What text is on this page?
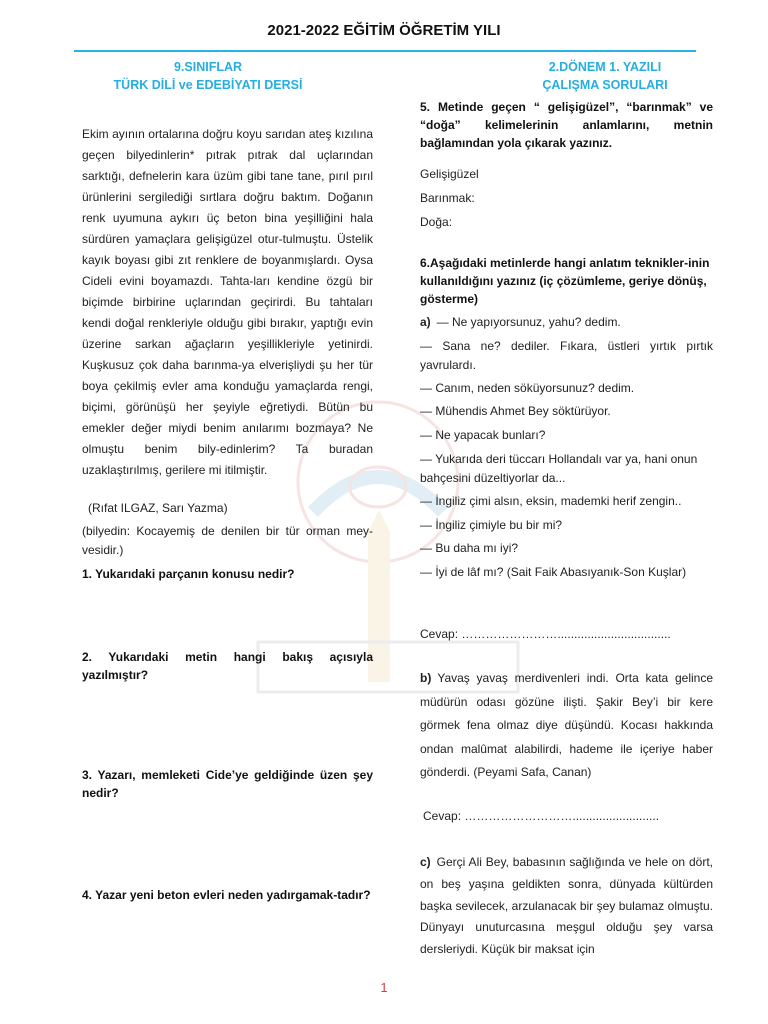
2021-2022 EĞİTİM ÖĞRETİM YILI
9.SINIFLAR
TÜRK DİLİ ve EDEBİYATI DERSİ
2.DÖNEM 1. YAZILI
ÇALIŞMA SORULARI
Ekim ayının ortalarına doğru koyu sarıdan ateş kızılına geçen bilyedinlerin* pıtrak pıtrak dal uçlarından sarktığı, defnelerin kara üzüm gibi tane tane, pırıl pırıl ürünlerini sergilediği sırtlara doğru baktım. Doğanın renk uyumuna aykırı üç beton bina yeşilliğini hala sürdüren yamaçlara gelişigüzel otur-tulmuştu. Üstelik kayık boyası gibi zıt renklere de boyanmışlardı. Oysa Cideli evini boyamazdı. Tahta-ları kendine özgü bir biçimde birbirine uçlarından geçirirdi. Bu tahtaları kendi doğal renkleriyle olduğu gibi bırakır, yaptığı evin üzerine sarkan ağaçların yeşillikleriyle yetinirdi. Kuşkusuz çok daha barınma-ya elverişliydi şu her tür boya çekilmiş evler ama konduğu yamaçlarda rengi, biçimi, görünüşü her şeyiyle eğretiydi. Bütün bu emekler değer miydi benim anılarımı bozmaya? Ne olmuştu benim bily-edinlerim? Ta buradan uzaklaştırılmış, gerilere mi itilmiştir.
(Rıfat ILGAZ, Sarı Yazma)
(bilyedin: Kocayemiş de denilen bir tür orman mey-vesidir.)
1. Yukarıdaki parçanın konusu nedir?
2. Yukarıdaki metin hangi bakış açısıyla yazılmıştır?
3. Yazarı, memleketi Cide’ye geldiğinde üzen şey nedir?
4. Yazar yeni beton evleri neden yadırgamak-tadır?
5. Metinde geçen “ gelişigüzel”, “barınmak” ve “doğa” kelimelerinin anlamlarını, metnin bağlamından yola çıkarak yazınız.
Gelişigüzel
Barınmak:
Doğa:
6.Aşağıdaki metinlerde hangi anlatım teknikler-inin kullanıldığını yazınız (iç çözümleme, geriye dönüş, gösterme)
a) — Ne yapıyorsunuz, yahu? dedim.
— Sana ne? dediler. Fıkara, üstleri yırtık pırtık yavrulardı.
— Canım, neden söküyorsunuz? dedim.
— Mühendis Ahmet Bey söktürüyor.
— Ne yapacak bunları?
— Yukarıda deri tüccarı Hollandalı var ya, hani onun bahçesini düzeltiyorlar da...
— İngiliz çimi alsın, eksin, mademki herif zengin..
— İngiliz çimiyle bu bir mi?
— Bu daha mı iyi?
— İyi de lâf mı? (Sait Faik Abasıyanık-Son Kuşlar)
Cevap: ……………………..................................
b) Yavaş yavaş merdivenleri indi. Orta kata gelince müdürün odası gözüne ilişti. Şakir Bey’i bir kere görmek fena olmaz diye düşündü. Kocası hakkında ondan malûmat alabilirdi, hademe ile içeriye haber gönderdi. (Peyami Safa, Canan)
Cevap: ………………………..........................
c) Gerçi Ali Bey, babasının sağlığında ve hele on dört, on beş yaşına geldikten sonra, dünyada kültürden başka sevilecek, arzulanacak bir şey bulamaz olmuştu. Dünyayı unuturcasına meşgul olduğu şey varsa dersleriydi. Küçük bir maksat için
1
